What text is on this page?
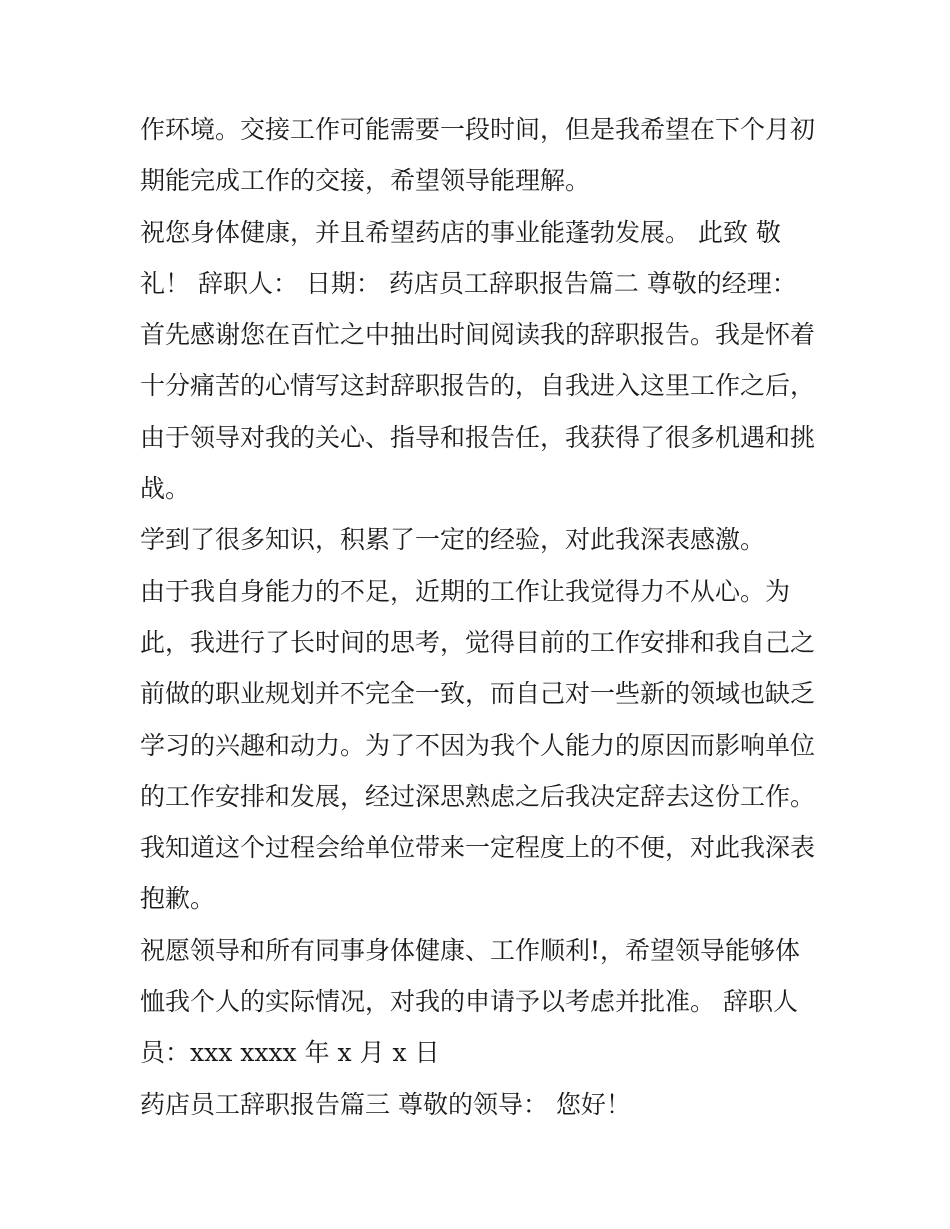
作环境。交接工作可能需要一段时间，但是我希望在下个月初
期能完成工作的交接，希望领导能理解。
祝您身体健康，并且希望药店的事业能蓬勃发展。 此致 敬
礼！ 辞职人： 日期： 药店员工辞职报告篇二 尊敬的经理：
首先感谢您在百忙之中抽出时间阅读我的辞职报告。我是怀着
十分痛苦的心情写这封辞职报告的，自我进入这里工作之后，
由于领导对我的关心、指导和报告任，我获得了很多机遇和挑
战。
学到了很多知识，积累了一定的经验，对此我深表感激。
由于我自身能力的不足，近期的工作让我觉得力不从心。为
此，我进行了长时间的思考，觉得目前的工作安排和我自己之
前做的职业规划并不完全一致，而自己对一些新的领域也缺乏
学习的兴趣和动力。为了不因为我个人能力的原因而影响单位
的工作安排和发展，经过深思熟虑之后我决定辞去这份工作。
我知道这个过程会给单位带来一定程度上的不便，对此我深表
抱歉。
祝愿领导和所有同事身体健康、工作顺利!，希望领导能够体
恤我个人的实际情况，对我的申请予以考虑并批准。 辞职人
员：xxx xxxx 年 x 月 x 日
药店员工辞职报告篇三 尊敬的领导： 您好！
